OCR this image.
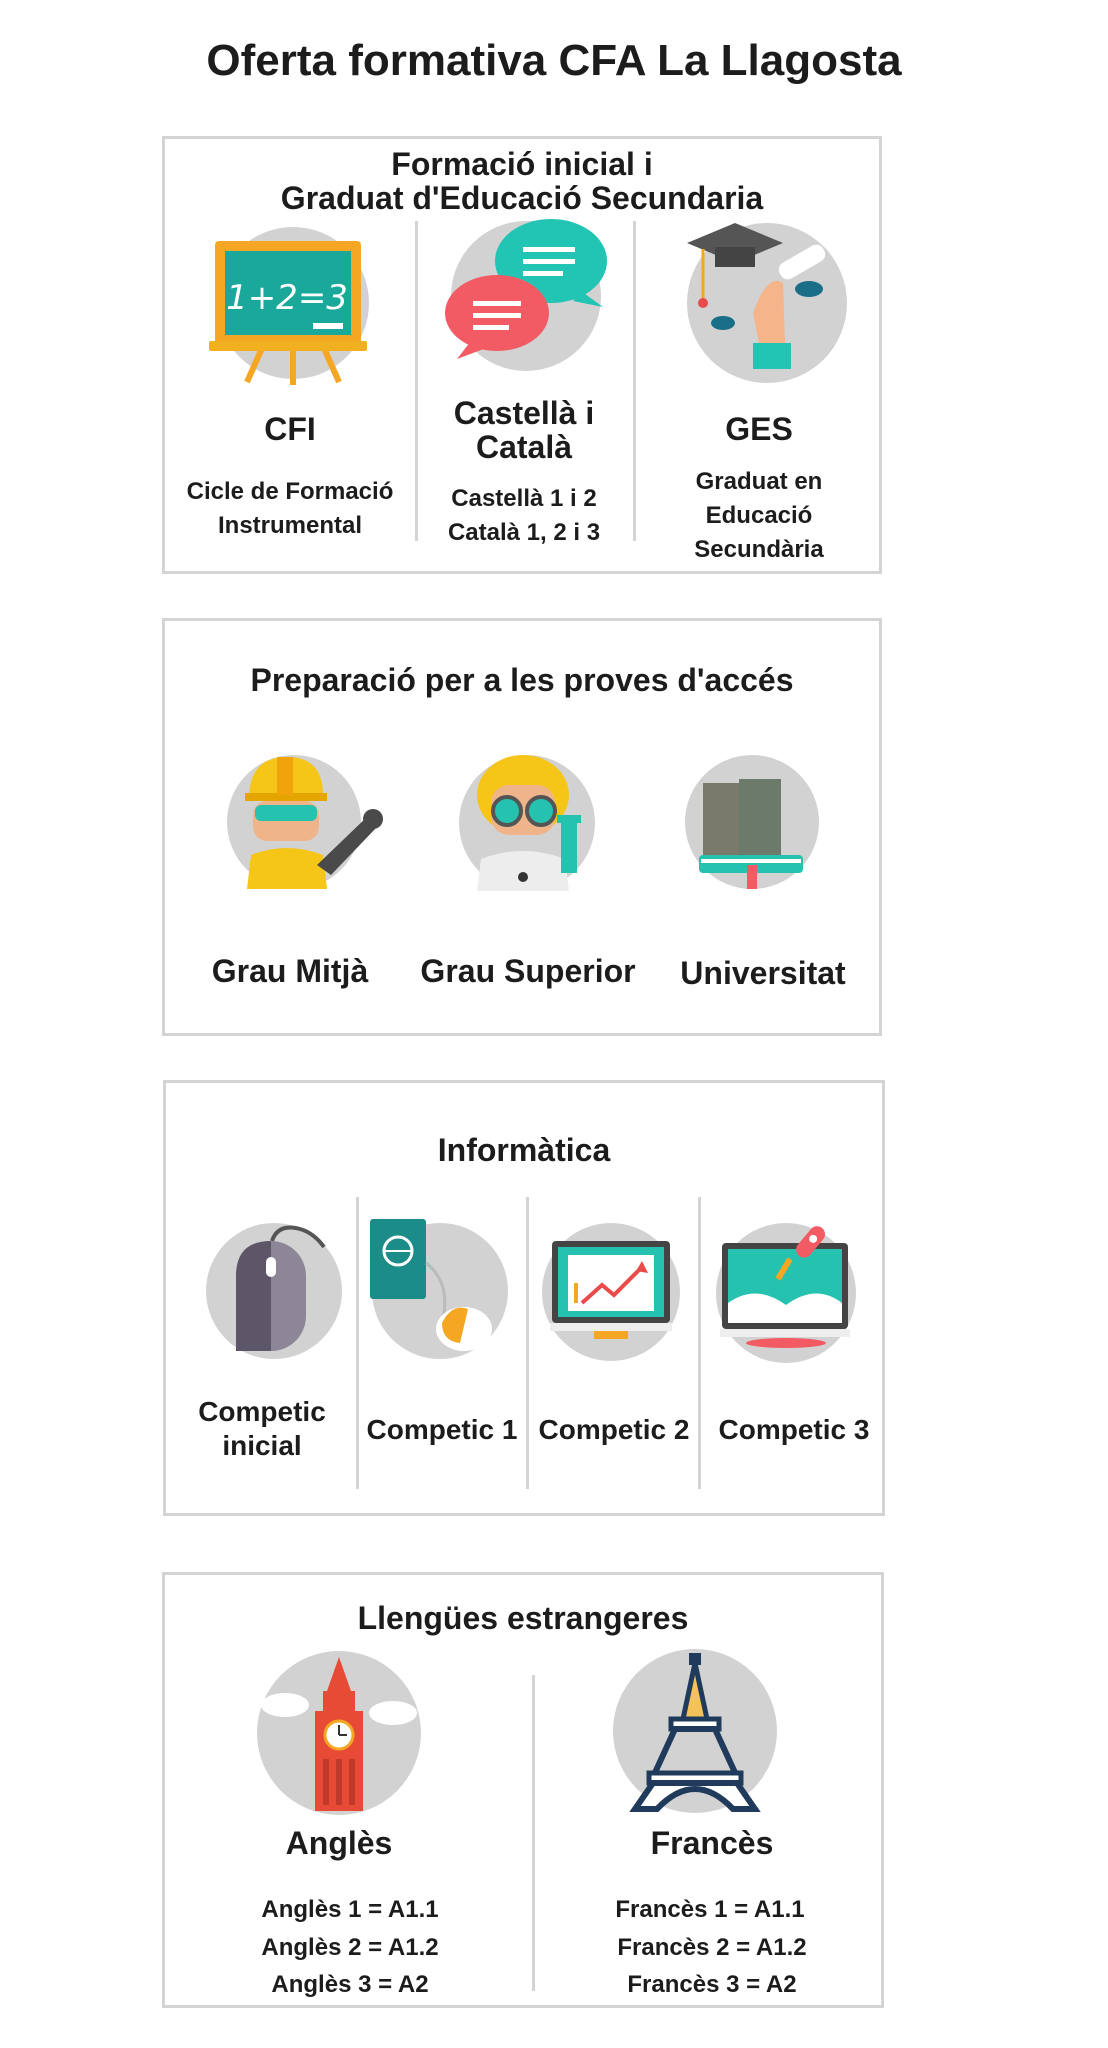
Oferta formativa CFA La Llagosta
Formació inicial i
Graduat d'Educació Secundaria
1+2=3
CFI
Cicle de Formació
Instrumental
Castellà i
Català
Castellà 1 i 2
Català 1, 2 i 3
GES
Graduat en
Educació
Secundària
Preparació per a les proves d'accés
Grau Mitjà	Grau Superior	Universitat
Informàtica
Competic
inicial
Competic 1 Competic 2	Competic 3
Llengües estrangeres
Anglès
Anglès 1 = A1.1
Anglès 2 = A1.2
Anglès 3 = A2
Francès
Francès 1 = A1.1
Francès 2 = A1.2
Francès 3 = A2
